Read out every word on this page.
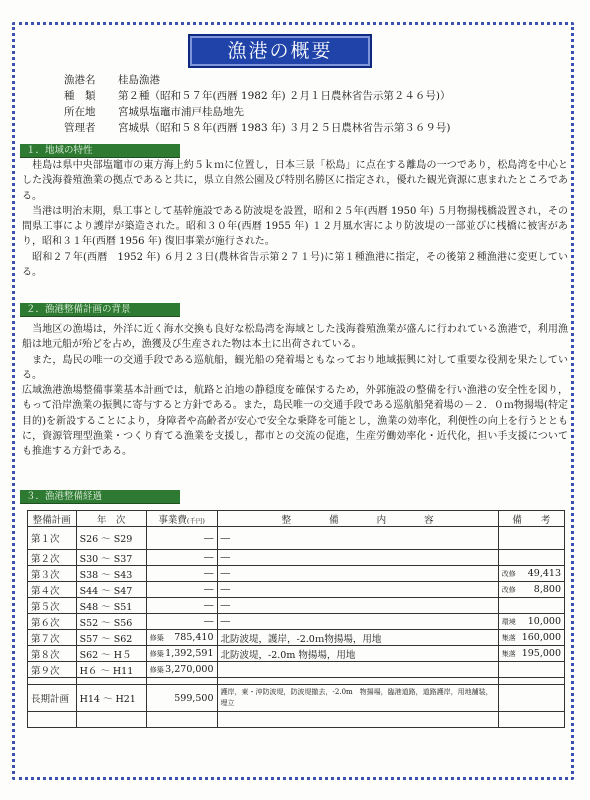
漁港の概要
漁港名	桂島漁港
種　類	第２種（昭和５７年(西暦 1982 年) ２月１日農林省告示第２４６号)）
所在地	宮城県塩竈市浦戸桂島地先
管理者	宮城県（昭和５８年(西暦 1983 年) ３月２５日農林省告示第３６９号)
１．地域の特性

　桂島は県中央部塩竈市の東方海上約５ｋｍに位置し，日本三景「松島」に点在する離島の一つであり，松島湾を中心とした浅海養殖漁業の拠点であると共に，県立自然公園及び特別名勝区に指定され，優れた観光資源に恵まれたところである。

　当港は明治末期，県工事として基幹施設である防波堤を設置，昭和２５年(西暦 1950 年) ５月物揚桟橋設置され，その間県工事により護岸が築造された。昭和３０年(西暦 1955 年) １２月風水害により防波堤の一部並びに桟橋に被害があり，昭和３１年(西暦 1956 年) 復旧事業が施行された。

　昭和２７年(西暦　1952 年) ６月２３日(農林省告示第２７１号)に第１種漁港に指定，その後第２種漁港に変更している。

２．漁港整備計画の背景

　当地区の漁場は，外洋に近く海水交換も良好な松島湾を海域とした浅海養殖漁業が盛んに行われている漁港で，利用漁船は地元船が殆どを占め，漁獲及び生産された物は本土に出荷されている。

　また，島民の唯一の交通手段である巡航船，観光船の発着場ともなっており地域振興に対して重要な役割を果たしている。

広域漁港漁場整備事業基本計画では，航路と泊地の静穏度を確保するため，外郭施設の整備を行い漁港の安全性を図り，もって沿岸漁業の振興に寄与すると方針である。また，島民唯一の交通手段である巡航船発着場の－２．０ｍ物揚場(特定目的)を新設することにより，身障者や高齢者が安心で安全な乗降を可能とし，漁業の効率化，利便性の向上を行うとともに，資源管理型漁業・つくり育てる漁業を支援し，都市との交流の促進，生産労働効率化・近代化，担い手支援についても推進する方針である。

３．漁港整備経過
整備計画	年　次	事業費(千円)	整　　　　備　　　　内　　　　容	備　　考
第１次	S26 ～ S29	―	―	

第２次	S30 ～ S37	―	―	

第３次	S38 ～ S43	―	―	改修 49,413

第４次	S44 ～ S47	―	―	改修 8,800

第５次	S48 ～ S51	―	―	

第６次	S52 ～ S56	―	―	環境 10,000

第７次	S57 ～ S62	修築 785,410	北防波堤，護岸，-2.0ｍ物揚場，用地	集落 160,000

第８次	S62 ～ H５	修築 1,392,591	北防波堤，-2.0m 物揚場，用地	集落 195,000

第９次	H６ ～ H11	修築 3,270,000		

長期計画	H14 ～ H21	599,500	護岸，東・沖防波堤，防波堤撤去，-2.0m　物揚場，臨港道路，道路護岸，用地舗装，埋立	
